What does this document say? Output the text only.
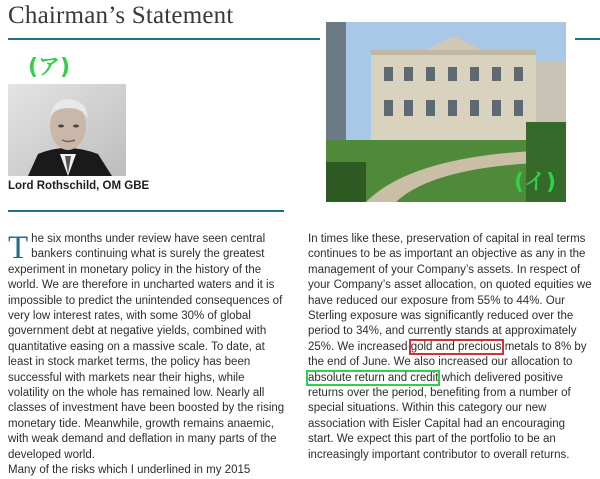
Chairman’s Statement
(ア)
Lord Rothschild, OM GBE	(イ)

The six months under review have seen central bankers continuing what is surely the greatest experiment in monetary policy in the history of the world. We are therefore in uncharted waters and it is impossible to predict the unintended consequences of very low interest rates, with some 30% of global government debt at negative yields, combined with quantitative easing on a massive scale. To date, at least in stock market terms, the policy has been successful with markets near their highs, while volatility on the whole has remained low. Nearly all classes of investment have been boosted by the rising monetary tide. Meanwhile, growth remains anaemic, with weak demand and deflation in many parts of the developed world.

Many of the risks which I underlined in my 2015

In times like these, preservation of capital in real terms continues to be as important an objective as any in the management of your Company’s assets. In respect of your Company’s asset allocation, on quoted equities we have reduced our exposure from 55% to 44%. Our Sterling exposure was significantly reduced over the period to 34%, and currently stands at approximately 25%. We increased gold and precious metals to 8% by the end of June. We also increased our allocation to absolute return and credit which delivered positive returns over the period, benefiting from a number of special situations. Within this category our new association with Eisler Capital had an encouraging start. We expect this part of the portfolio to be an increasingly important contributor to overall returns.
